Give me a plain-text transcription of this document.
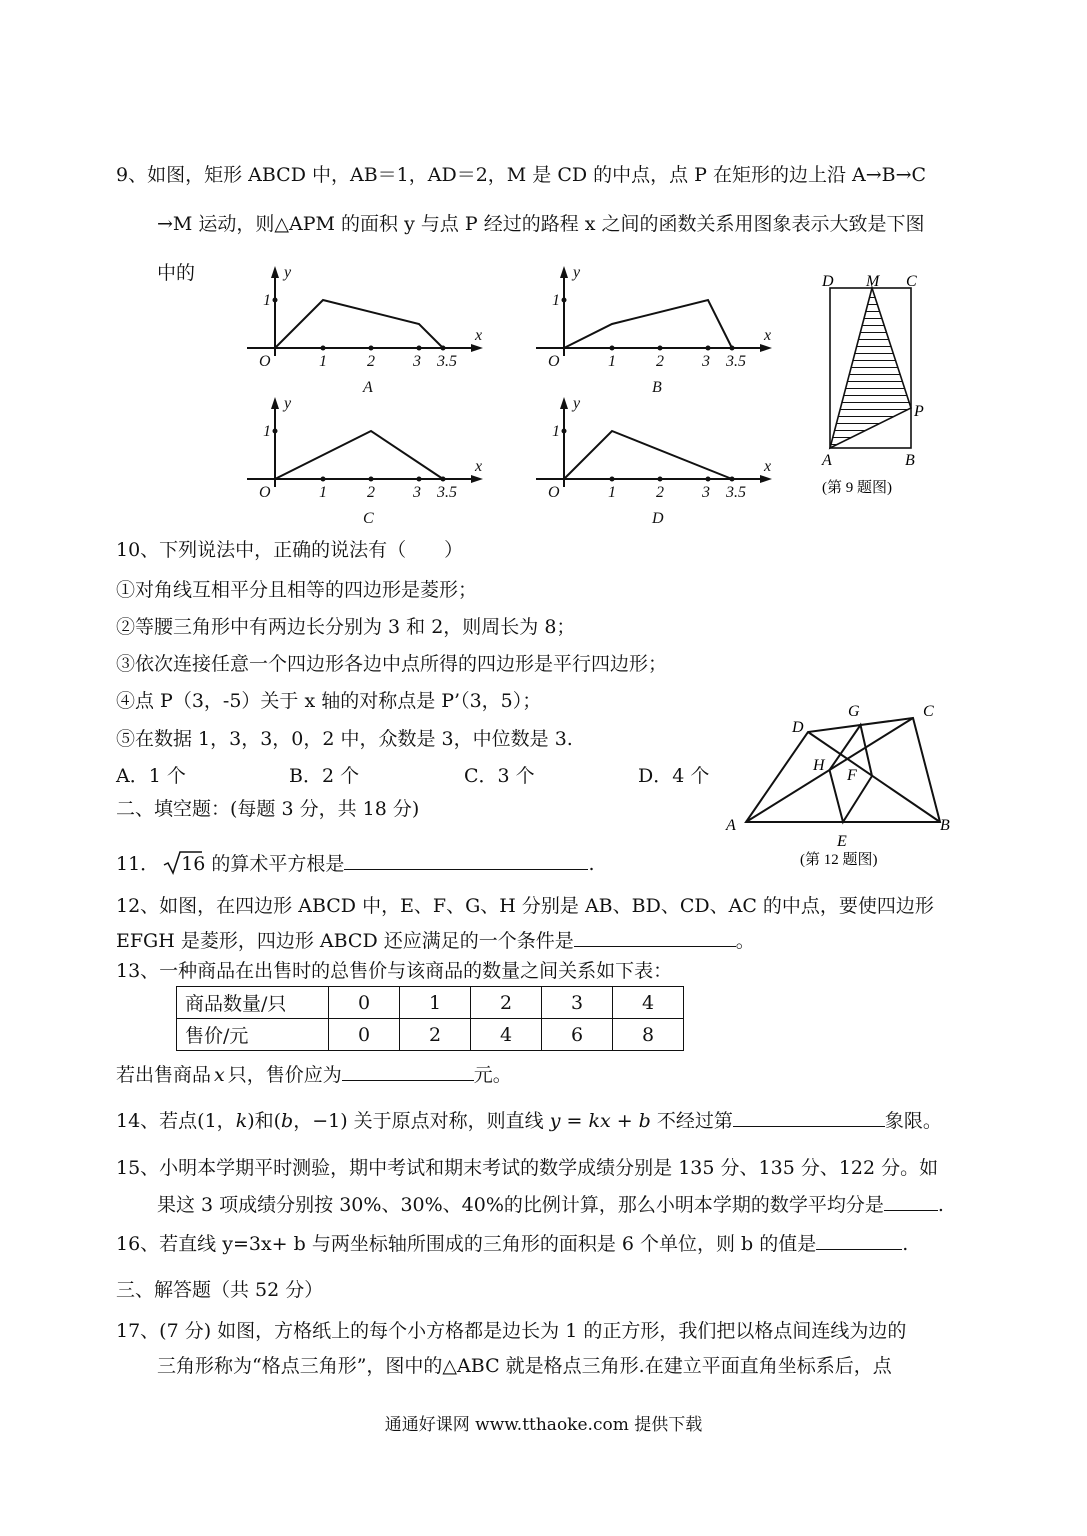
9、如图，矩形 ABCD 中，AB＝1，AD＝2，M 是 CD 的中点，点 P 在矩形的边上沿 A→B→C
→M 运动，则△APM 的面积 y 与点 P 经过的路程 x 之间的函数关系用图象表示大致是下图
中的
x
y
O
1
1	2 3 3.5
A
x
y
O
1
1	2 3 3.5
B
x
y
O
1
1	2 3 3.5
C
x
y
O
1
1	2 3 3.5
D
D M C
A	B
P
(第 9 题图)
10、下列说法中，正确的说法有（　　）
①对角线互相平分且相等的四边形是菱形；
②等腰三角形中有两边长分别为 3 和 2，则周长为 8；
③依次连接任意一个四边形各边中点所得的四边形是平行四边形；
④点 P（3，-5）关于 x 轴的对称点是 P’（3，5）；
⑤在数据 1，3，3，0，2 中，众数是 3，中位数是 3.
A．1 个	B．2 个	C．3 个	D．4 个
二、填空题：(每题 3 分，共 18 分)
A	B
C
D
E
F
G
H
(第 12 题图)
11． 16 的算术平方根是	.
12、如图，在四边形 ABCD 中，E、F、G、H 分别是 AB、BD、CD、AC 的中点，要使四边形
EFGH 是菱形，四边形 ABCD 还应满足的一个条件是	。
13、一种商品在出售时的总售价与该商品的数量之间关系如下表：
商品数量/只	0	1	2	3	4
售价/元	0	2	4	6	8
若出售商品 x 只，售价应为	元。
14、若点(1，k)和(b，−1) 关于原点对称，则直线 y = kx + b 不经过第	象限。
15、小明本学期平时测验，期中考试和期末考试的数学成绩分别是 135 分、135 分、122 分。如
果这 3 项成绩分别按 30%、30%、40%的比例计算，那么小明本学期的数学平均分是	.
16、若直线 y=3x+ b 与两坐标轴所围成的三角形的面积是 6 个单位，则 b 的值是	.
三、解答题（共 52 分）
17、(7 分) 如图，方格纸上的每个小方格都是边长为 1 的正方形，我们把以格点间连线为边的
三角形称为“格点三角形”，图中的△ABC 就是格点三角形.在建立平面直角坐标系后，点
通通好课网 www.tthaoke.com 提供下载
